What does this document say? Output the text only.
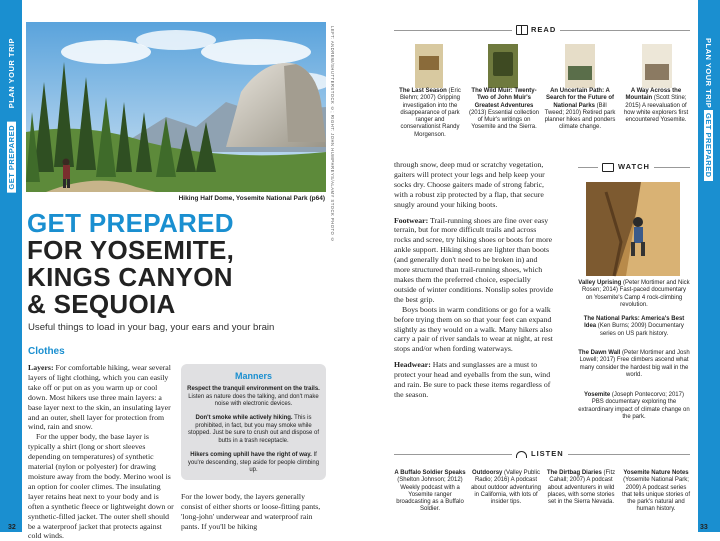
PLAN YOUR TRIP
GET PREPARED
PLAN YOUR TRIP
GET PREPARED
LEFT: ANDREW/SHUTTERSTOCK ©; RIGHT: JOHN HUMPHREYS/ALAMY STOCK PHOTO ©
Hiking Half Dome, Yosemite National Park (p64)
GET PREPARED
FOR YOSEMITE,
KINGS CANYON
& SEQUOIA
Useful things to load in your bag, your ears and your brain
Clothes

Layers: For comfortable hiking, wear several layers of light clothing, which you can easily take off or put on as you warm up or cool down. Most hikers use three main layers: a base layer next to the skin, an insulating layer and an outer, shell layer for protection from wind, rain and snow.

For the upper body, the base layer is typically a shirt (long or short sleeves depending on temperatures) of synthetic material (nylon or polyester) for drawing moisture away from the body. Merino wool is an option for cooler climes. The insulating layer retains heat next to your body and is often a synthetic fleece or lightweight down or synthetic-filled jacket. The outer shell should be a waterproof jacket that protects against cold winds.

Manners
Respect the tranquil environment on the trails. Listen as nature does the talking, and don't make noise with electronic devices.
Don't smoke while actively hiking. This is prohibited, in fact, but you may smoke while stopped. Just be sure to crush out and dispose of butts in a trash receptacle.
Hikers coming uphill have the right of way. If you're descending, step aside for people climbing up.

For the lower body, the layers generally consist of either shorts or loose-fitting pants, 'long-john' underwear and waterproof rain pants. If you'll be hiking

through snow, deep mud or scratchy vegetation, gaiters will protect your legs and help keep your socks dry. Choose gaiters made of strong fabric, with a robust zip protected by a flap, that secure snugly around your hiking boots.

Footwear: Trail-running shoes are fine over easy terrain, but for more difficult trails and across rocks and scree, try hiking shoes or boots for more ankle support. Hiking shoes are lighter than boots (and generally don't need to be broken in) and more structured than trail-running shoes, which makes them the preferred choice, especially outside of winter conditions. Nonslip soles provide the best grip.

Boys boots in warm conditions or go for a walk before trying them on so that your feet can expand slightly as they would on a walk. Many hikers also carry a pair of river sandals to wear at night, at rest stops and/or when fording waterways.

Headwear: Hats and sunglasses are a must to protect your head and eyeballs from the sun, wind and rain. Be sure to pack these items regardless of the season.

READ
The Last Season (Eric Blehm; 2007) Gripping investigation into the disappearance of park ranger and conservationist Randy Morgenson.
The Wild Muir: Twenty-Two of John Muir's Greatest Adventures (2013) Essential collection of Muir's writings on Yosemite and the Sierra.
An Uncertain Path: A Search for the Future of National Parks (Bill Tweed; 2010) Retired park planner hikes and ponders climate change.
A Way Across the Mountain (Scott Stine; 2015) A reevaluation of how white explorers first encountered Yosemite.
WATCH
Valley Uprising (Peter Mortimer and Nick Rosen; 2014) Fast-paced documentary on Yosemite's Camp 4 rock-climbing revolution.
The National Parks: America's Best Idea (Ken Burns; 2009) Documentary series on US park history.
The Dawn Wall (Peter Mortimer and Josh Lowell; 2017) Free climbers ascend what many consider the hardest big wall in the world.
Yosemite (Joseph Pontecorvo; 2017) PBS documentary exploring the extraordinary impact of climate change on the park.
LISTEN
A Buffalo Soldier Speaks (Shelton Johnson; 2012) Weekly podcast with a Yosemite ranger broadcasting as a Buffalo Soldier.
Outdoorsy (Valley Public Radio; 2016) A podcast about outdoor adventuring in California, with lots of insider tips.
The Dirtbag Diaries (Fitz Cahall; 2007) A podcast about adventurers in wild places, with some stories set in the Sierra Nevada.
Yosemite Nature Notes (Yosemite National Park; 2009) A podcast series that tells unique stories of the park's natural and human history.
32	33
